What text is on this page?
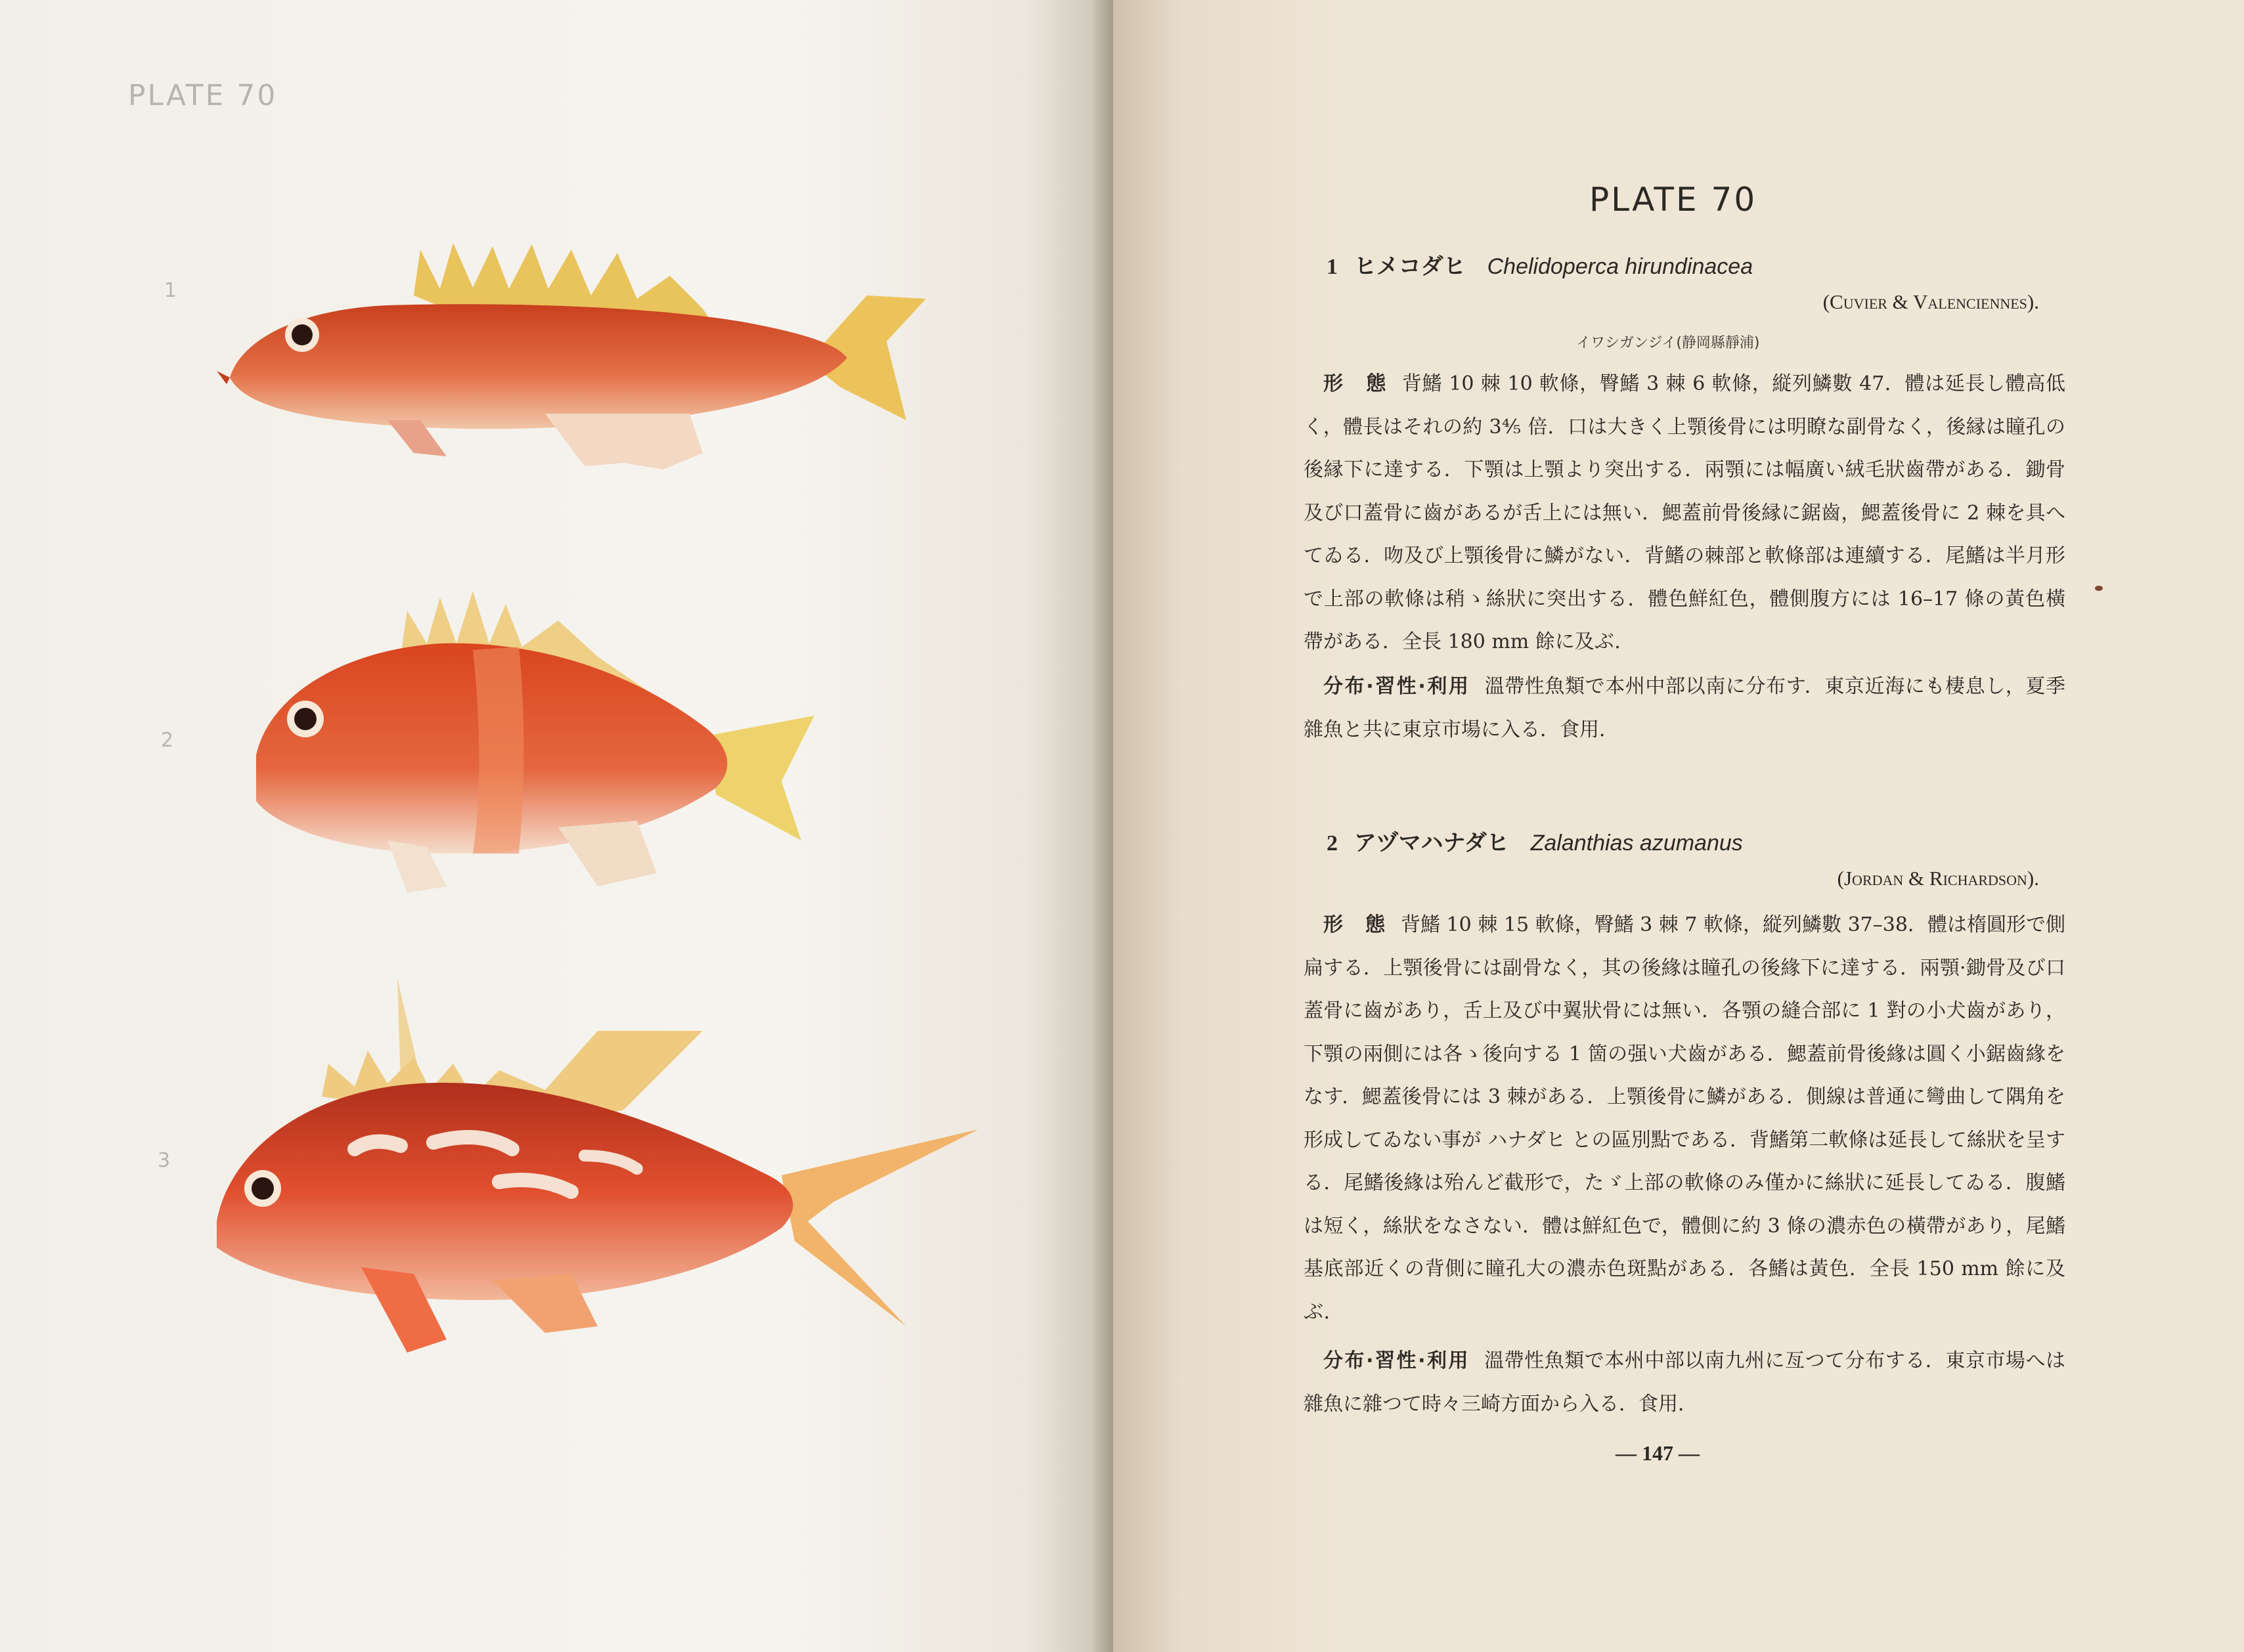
PLATE 70
1
2
3
PLATE 70
1 ヒメコダヒ Chelidoperca hirundinacea
(Cuvier & Valenciennes).
イワシガンジイ(静岡縣靜浦)

形　態 背鰭 10 棘 10 軟條，臀鰭 3 棘 6 軟條，縦列鱗數 47．體は延長し體高低く，體長はそれの約 3⅘ 倍．口は大きく上顎後骨には明瞭な副骨なく，後縁は瞳孔の後縁下に達する．下顎は上顎より突出する．兩顎には幅廣い絨毛狀齒帶がある．鋤骨及び口蓋骨に齒があるが舌上には無い．鰓蓋前骨後縁に鋸齒，鰓蓋後骨に 2 棘を具へてゐる．吻及び上顎後骨に鱗がない．背鰭の棘部と軟條部は連續する．尾鰭は半月形で上部の軟條は稍ゝ絲狀に突出する．體色鮮紅色，體側腹方には 16–17 條の黃色橫帶がある．全長 180 mm 餘に及ぶ．

分布·習性·利用 溫帶性魚類で本州中部以南に分布す．東京近海にも棲息し，夏季雜魚と共に東京市場に入る．食用．

2 アヅマハナダヒ Zalanthias azumanus
(Jordan & Richardson).

形　態 背鰭 10 棘 15 軟條，臀鰭 3 棘 7 軟條，縦列鱗數 37–38．體は楕圓形で側扁する．上顎後骨には副骨なく，其の後緣は瞳孔の後緣下に達する．兩顎·鋤骨及び口蓋骨に齒があり，舌上及び中翼狀骨には無い．各顎の縫合部に 1 對の小犬齒があり，下顎の兩側には各ゝ後向する 1 箇の强い犬齒がある．鰓蓋前骨後緣は圓く小鋸齒緣をなす．鰓蓋後骨には 3 棘がある．上顎後骨に鱗がある．側線は普通に彎曲して隅角を形成してゐない事が ハナダヒ との區別點である．背鰭第二軟條は延長して絲狀を呈する．尾鰭後緣は殆んど截形で，たゞ上部の軟條のみ僅かに絲狀に延長してゐる．腹鰭は短く，絲狀をなさない．體は鮮紅色で，體側に約 3 條の濃赤色の橫帶があり，尾鰭基底部近くの背側に瞳孔大の濃赤色斑點がある．各鰭は黃色．全長 150 mm 餘に及ぶ．

分布·習性·利用 溫帶性魚類で本州中部以南九州に亙つて分布する．東京市場へは雜魚に雜つて時々三崎方面から入る．食用．

— 147 —
